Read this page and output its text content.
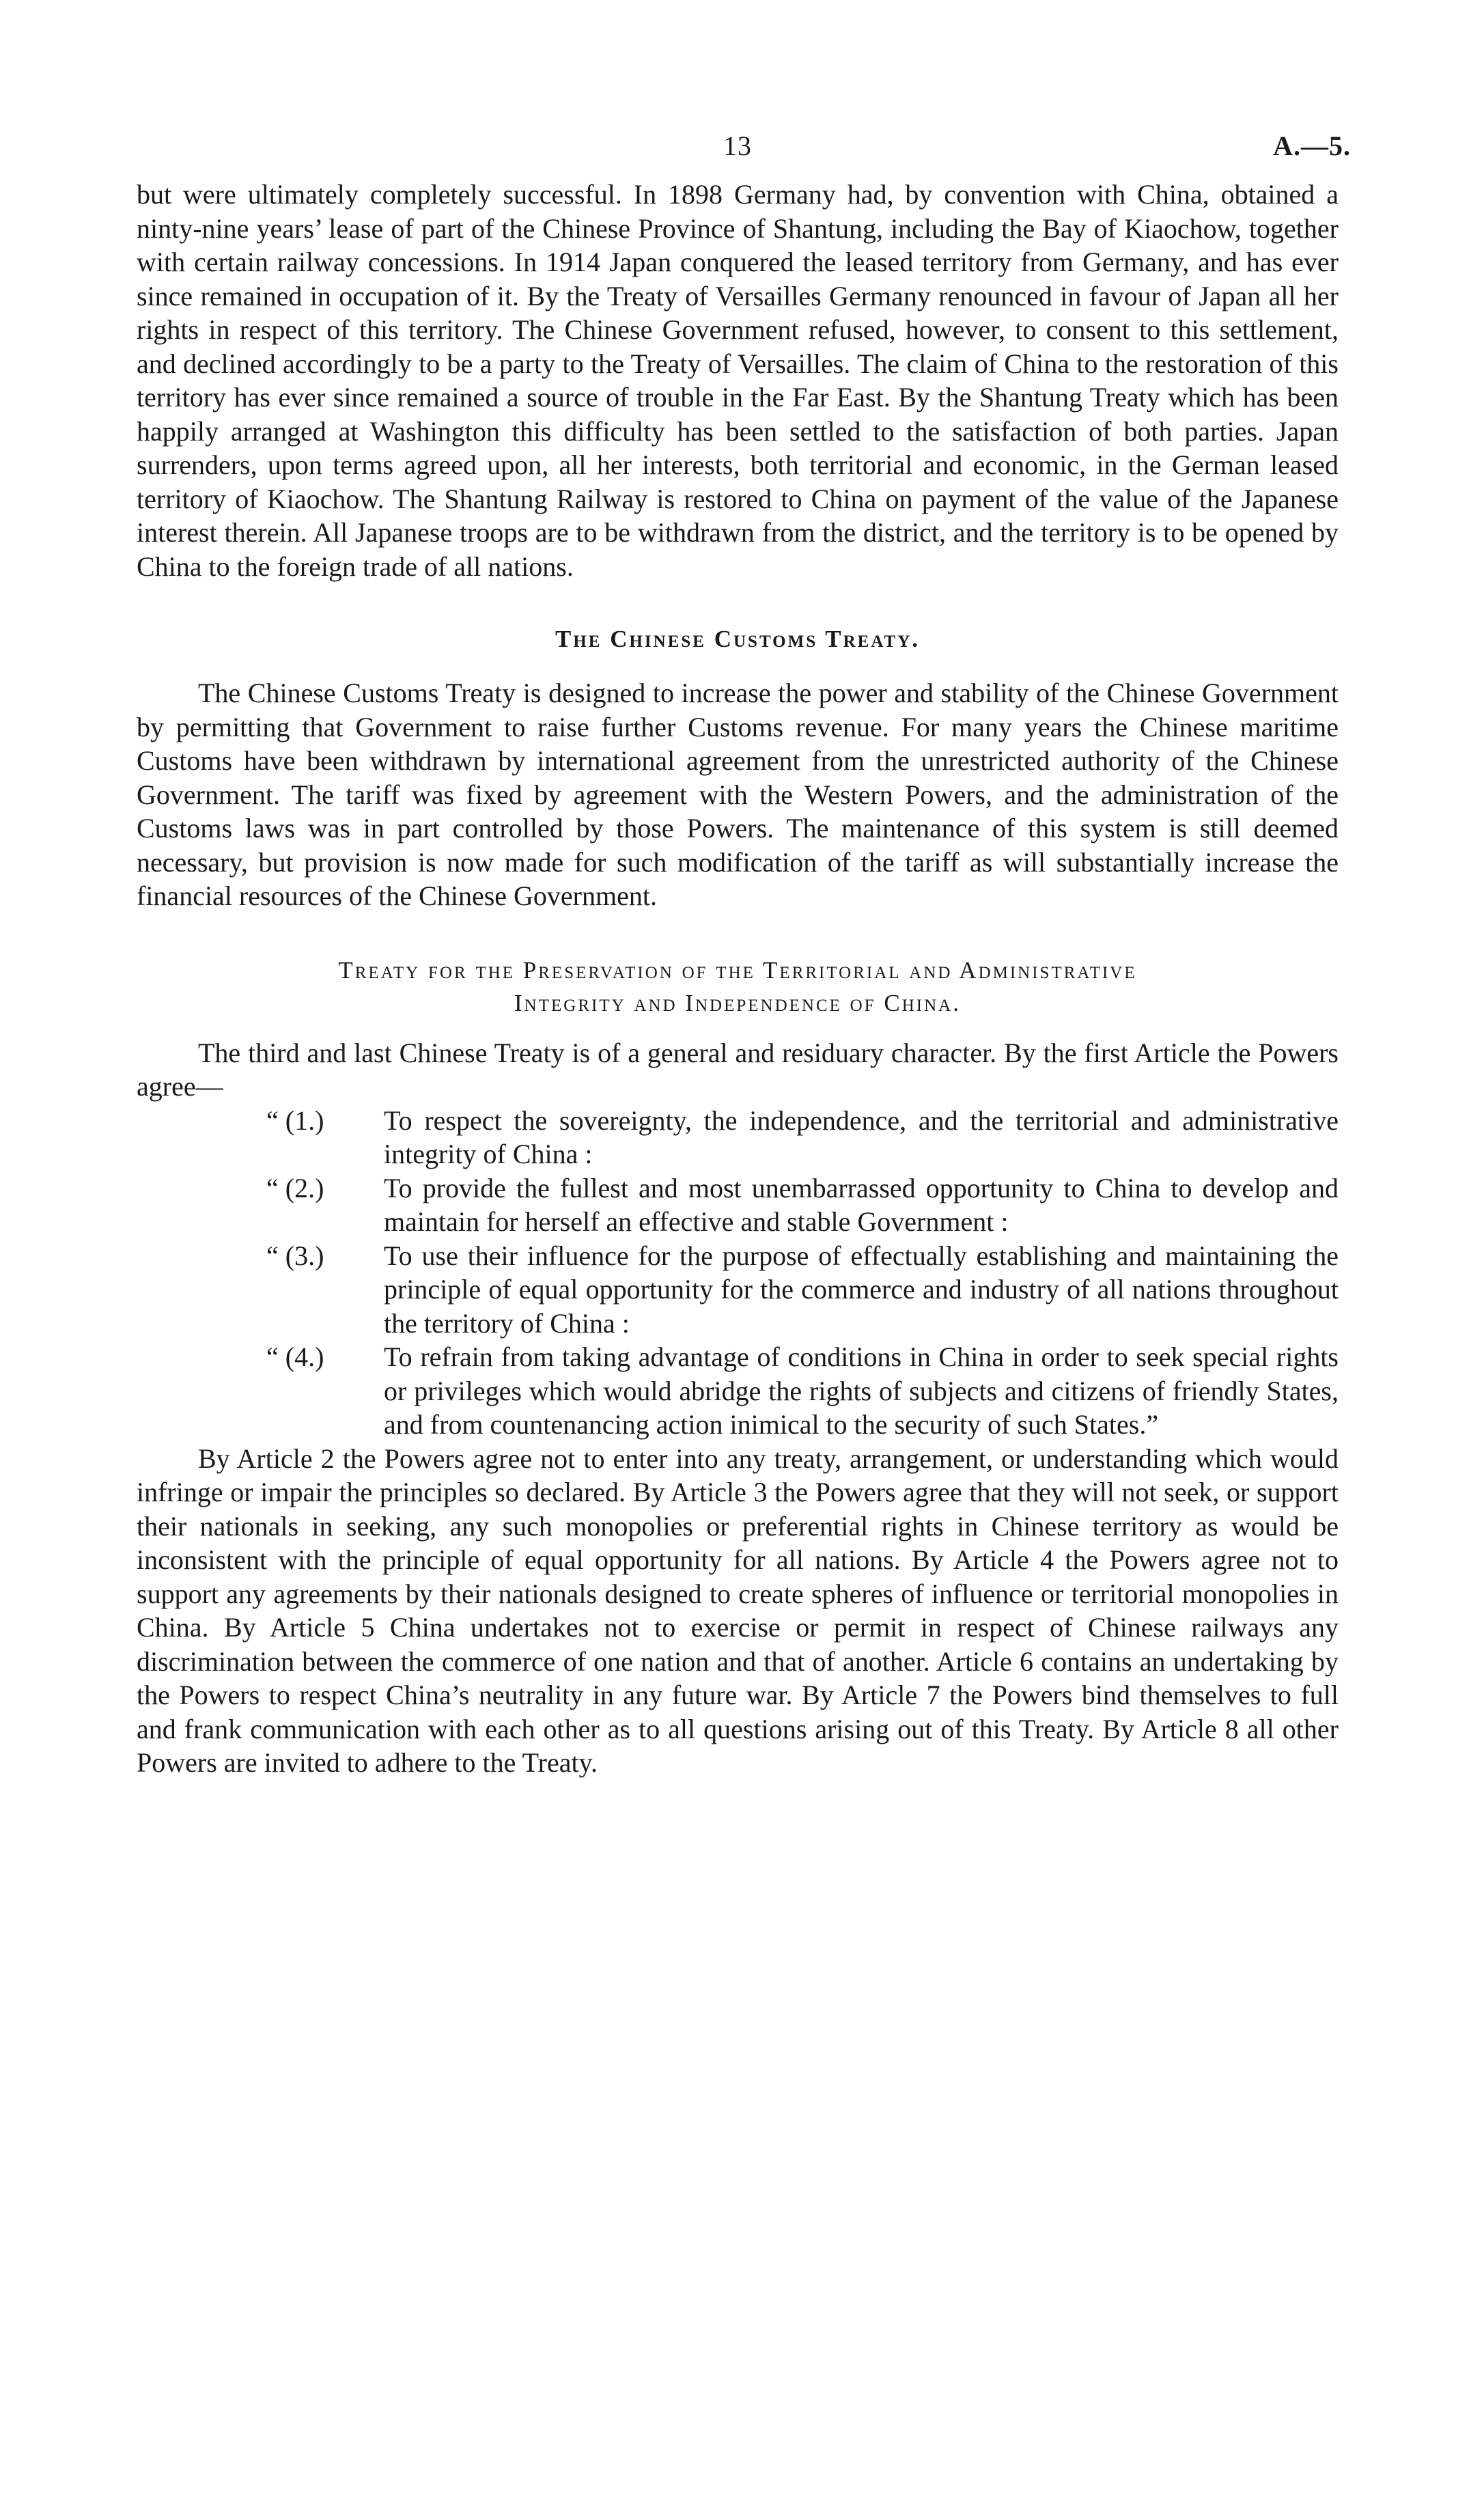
13	A.—5.

but were ultimately completely successful. In 1898 Germany had, by convention with China, obtained a ninty-nine years’ lease of part of the Chinese Province of Shantung, including the Bay of Kiaochow, together with certain railway concessions. In 1914 Japan conquered the leased territory from Germany, and has ever since remained in occupation of it. By the Treaty of Versailles Germany renounced in favour of Japan all her rights in respect of this territory. The Chinese Government refused, however, to consent to this settlement, and declined accordingly to be a party to the Treaty of Versailles. The claim of China to the restoration of this territory has ever since remained a source of trouble in the Far East. By the Shantung Treaty which has been happily arranged at Washington this difficulty has been settled to the satisfaction of both parties. Japan surrenders, upon terms agreed upon, all her interests, both territorial and economic, in the German leased territory of Kiaochow. The Shantung Railway is restored to China on payment of the value of the Japanese interest therein. All Japanese troops are to be withdrawn from the district, and the territory is to be opened by China to the foreign trade of all nations.

The Chinese Customs Treaty.

The Chinese Customs Treaty is designed to increase the power and stability of the Chinese Government by permitting that Government to raise further Customs revenue. For many years the Chinese maritime Customs have been withdrawn by international agreement from the unrestricted authority of the Chinese Government. The tariff was fixed by agreement with the Western Powers, and the administration of the Customs laws was in part controlled by those Powers. The maintenance of this system is still deemed necessary, but provision is now made for such modification of the tariff as will substantially increase the financial resources of the Chinese Government.

Treaty for the Preservation of the Territorial and Administrative
Integrity and Independence of China.

The third and last Chinese Treaty is of a general and residuary character. By the first Article the Powers agree—

“ (1.)	To respect the sovereignty, the independence, and the territorial and administrative integrity of China :
“ (2.)	To provide the fullest and most unembarrassed opportunity to China to develop and maintain for herself an effective and stable Government :
“ (3.)	To use their influence for the purpose of effectually establishing and maintaining the principle of equal opportunity for the commerce and industry of all nations throughout the territory of China :
“ (4.)	To refrain from taking advantage of conditions in China in order to seek special rights or privileges which would abridge the rights of subjects and citizens of friendly States, and from countenancing action inimical to the security of such States.”

By Article 2 the Powers agree not to enter into any treaty, arrangement, or understanding which would infringe or impair the principles so declared. By Article 3 the Powers agree that they will not seek, or support their nationals in seeking, any such monopolies or preferential rights in Chinese territory as would be inconsistent with the principle of equal opportunity for all nations. By Article 4 the Powers agree not to support any agreements by their nationals designed to create spheres of influence or territorial monopolies in China. By Article 5 China undertakes not to exercise or permit in respect of Chinese railways any discrimination between the commerce of one nation and that of another. Article 6 contains an undertaking by the Powers to respect China’s neutrality in any future war. By Article 7 the Powers bind themselves to full and frank communication with each other as to all questions arising out of this Treaty. By Article 8 all other Powers are invited to adhere to the Treaty.
